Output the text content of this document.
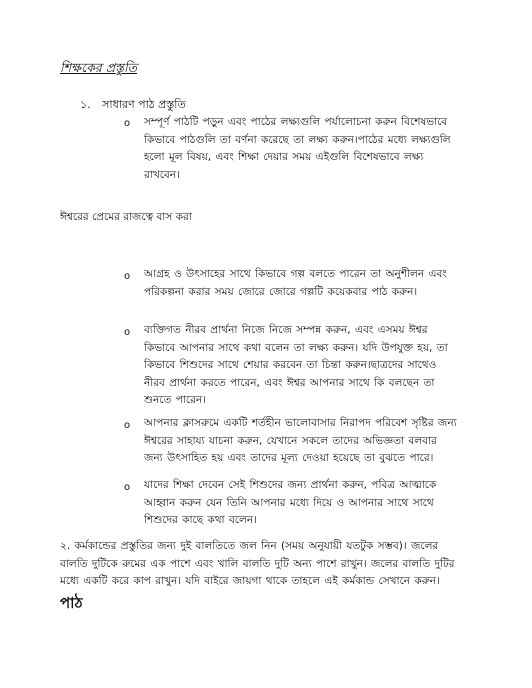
শিক্ষকের প্রস্তুতি
১. সাধারণ পাঠ প্রস্তুতি
o সম্পূর্ণ পাঠটি পড়ুন এবং পাঠের লক্ষ্যগুলি পর্যালোচনা করুন বিশেষভাবে
কিভাবে পাঠগুলি তা বর্ণনা করেছে তা লক্ষ্য করুন।পাঠের মধ্যে লক্ষ্যগুলি
হলো মূল বিষয়, এবং শিক্ষা দেয়ার সময় এইগুলি বিশেষভাবে লক্ষ্য
রাখবেন।
ঈশ্বরের প্রেমের রাজত্বে বাস করা
o আগ্রহ ও উৎসাহের সাথে কিভাবে গল্প বলতে পারেন তা অনুশীলন এবং
পরিকল্পনা করার সময় জোরে জোরে গল্পটি কয়েকবার পাঠ করুন।
o ব্যক্তিগত নীরব প্রার্থনা নিজে নিজে সম্পন্ন করুন, এবং এসময় ঈশ্বর
কিভাবে আপনার সাথে কথা বলেন তা লক্ষ্য করুন। যদি উপযুক্ত হয়, তা
কিভাবে শিশুদের সাথে শেয়ার করবেন তা চিন্তা করুন।ছাত্রদের সাথেও
নীরব প্রার্থনা করতে পারেন, এবং ঈশ্বর আপনার সাথে কি বলছেন তা
শুনতে পারেন।
o আপনার ক্লাসরুমে একটি শর্তহীন ভালোবাসার নিরাপদ পরিবেশ সৃষ্টির জন্য
ঈশ্বরের সাহায্য যাচনা করুন, যেখানে সকলে তাদের অভিজ্ঞতা বলবার
জন্য উৎসাহিত হয় এবং তাদের মূল্য দেওয়া হয়েছে তা বুঝতে পারে।
o যাদের শিক্ষা দেবেন সেই শিশুদের জন্য প্রার্থনা করুন, পবিত্র আত্মাকে
আহ্বান করুন যেন তিনি আপনার মধ্যে দিয়ে ও আপনার সাথে সাথে
শিশুদের কাছে কথা বলেন।
২. কর্মকান্ডের প্রস্তুতির জন্য দুই বালতিতে জল নিন (সময় অনুযায়ী যতটুক সম্ভব)। জলের
বালতি দুটিকে রুমের এক পাশে এবং খালি বালতি দুটি অন্য পাশে রাখুন। জলের বালতি দুটির
মধ্যে একটি করে কাপ রাখুন। যদি বাইরে জায়গা থাকে তাহলে এই কর্মকান্ড সেখানে করুন।
পাঠ
